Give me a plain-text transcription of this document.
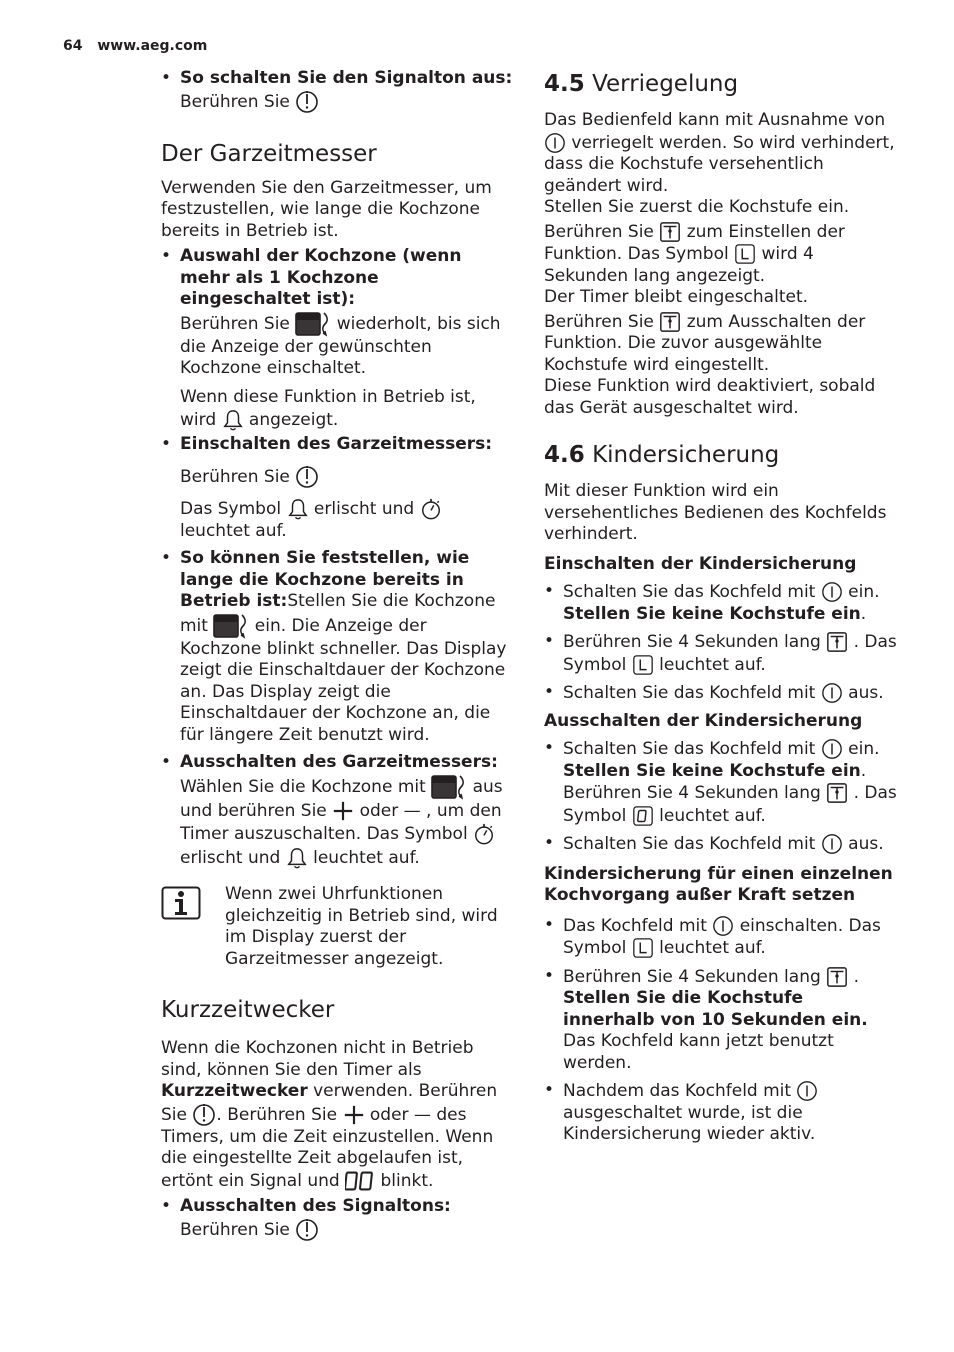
64 www.aeg.com
• So schalten Sie den Signalton aus:
Berühren Sie
Der Garzeitmesser

Verwenden Sie den Garzeitmesser, um festzustellen, wie lange die Kochzone bereits in Betrieb ist.

• Auswahl der Kochzone (wenn mehr als 1 Kochzone eingeschaltet ist):
Berühren Sie	wiederholt, bis sich die Anzeige der gewünschten Kochzone einschaltet.

Wenn diese Funktion in Betrieb ist, wird angezeigt.

• Einschalten des Garzeitmessers:

Berühren Sie

Das Symbol erlischt und
leuchtet auf.

• So können Sie feststellen, wie lange die Kochzone bereits in Betrieb ist:Stellen Sie die Kochzone mit	ein. Die Anzeige der Kochzone blinkt schneller. Das Display zeigt die Einschaltdauer der Kochzone an. Das Display zeigt die Einschaltdauer der Kochzone an, die für längere Zeit benutzt wird.
• Ausschalten des Garzeitmessers:
Wählen Sie die Kochzone mit	aus und berühren Sie oder — , um den Timer auszuschalten. Das Symbol
erlischt und leuchtet auf.
Wenn zwei Uhrfunktionen gleichzeitig in Betrieb sind, wird im Display zuerst der Garzeitmesser angezeigt.
Kurzzeitwecker

Wenn die Kochzonen nicht in Betrieb sind, können Sie den Timer als Kurzzeitwecker verwenden. Berühren Sie . Berühren Sie oder — des Timers, um die Zeit einzustellen. Wenn die eingestellte Zeit abgelaufen ist, ertönt ein Signal und blinkt.

• Ausschalten des Signaltons: Berühren Sie
4.5 Verriegelung

Das Bedienfeld kann mit Ausnahme von
verriegelt werden. So wird verhindert, dass die Kochstufe versehentlich geändert wird.

Stellen Sie zuerst die Kochstufe ein.

Berühren Sie zum Einstellen der Funktion. Das Symbol wird 4 Sekunden lang angezeigt.

Der Timer bleibt eingeschaltet.

Berühren Sie zum Ausschalten der Funktion. Die zuvor ausgewählte Kochstufe wird eingestellt.

Diese Funktion wird deaktiviert, sobald das Gerät ausgeschaltet wird.

4.6 Kindersicherung

Mit dieser Funktion wird ein versehentliches Bedienen des Kochfelds verhindert.

Einschalten der Kindersicherung

• Schalten Sie das Kochfeld mit ein.
Stellen Sie keine Kochstufe ein.
• Berühren Sie 4 Sekunden lang . Das Symbol leuchtet auf.
• Schalten Sie das Kochfeld mit aus.

Ausschalten der Kindersicherung

• Schalten Sie das Kochfeld mit ein.
Stellen Sie keine Kochstufe ein. Berühren Sie 4 Sekunden lang . Das Symbol leuchtet auf.
• Schalten Sie das Kochfeld mit aus.

Kindersicherung für einen einzelnen Kochvorgang außer Kraft setzen

• Das Kochfeld mit einschalten. Das Symbol leuchtet auf.
• Berühren Sie 4 Sekunden lang
.
Stellen Sie die Kochstufe innerhalb von 10 Sekunden ein. Das Kochfeld kann jetzt benutzt werden.
• Nachdem das Kochfeld mit
ausgeschaltet wurde, ist die Kindersicherung wieder aktiv.
